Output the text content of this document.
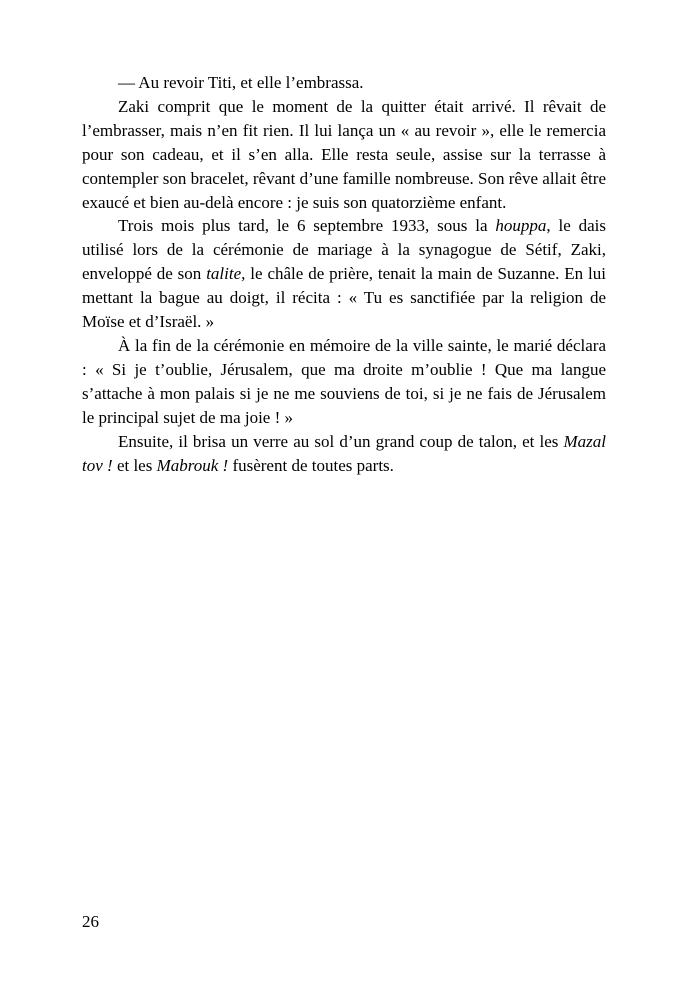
— Au revoir Titi, et elle l’embrassa.

Zaki comprit que le moment de la quitter était arrivé. Il rêvait de l’embrasser, mais n’en fit rien. Il lui lança un « au revoir », elle le remercia pour son cadeau, et il s’en alla. Elle resta seule, assise sur la terrasse à contempler son bracelet, rêvant d’une famille nombreuse. Son rêve allait être exaucé et bien au-delà encore : je suis son quatorzième enfant.

Trois mois plus tard, le 6 septembre 1933, sous la houppa, le dais utilisé lors de la cérémonie de mariage à la synagogue de Sétif, Zaki, enveloppé de son talite, le châle de prière, tenait la main de Suzanne. En lui mettant la bague au doigt, il récita : « Tu es sanctifiée par la religion de Moïse et d’Israël. »

À la fin de la cérémonie en mémoire de la ville sainte, le marié déclara : « Si je t’oublie, Jérusalem, que ma droite m’oublie ! Que ma langue s’attache à mon palais si je ne me souviens de toi, si je ne fais de Jérusalem le principal sujet de ma joie ! »

Ensuite, il brisa un verre au sol d’un grand coup de talon, et les Mazal tov ! et les Mabrouk ! fusèrent de toutes parts.

26
